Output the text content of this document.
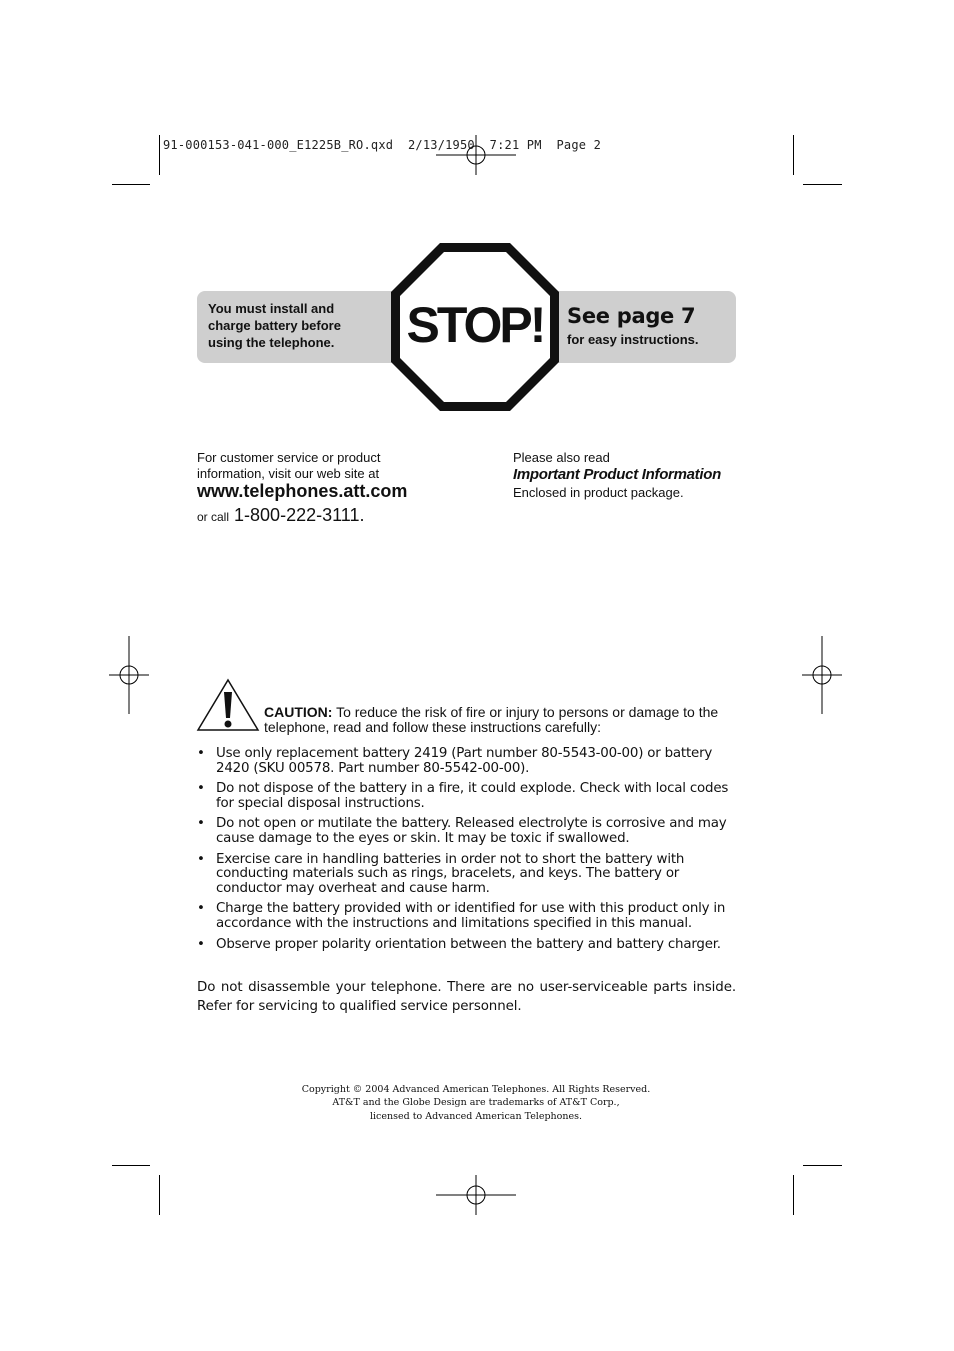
91-000153-041-000_E1225B_RO.qxd  2/13/1950  7:21 PM  Page 2
You must install and
charge battery before
using the telephone.	STOP!	See page 7
for easy instructions.
For customer service or product
information, visit our web site at
www.telephones.att.com
or call 1-800-222-3111.
Please also read
Important Product Information
Enclosed in product package.
CAUTION: To reduce the risk of fire or injury to persons or damage to the telephone, read and follow these instructions carefully:
• Use only replacement battery 2419 (Part number 80-5543-00-00) or battery 2420 (SKU 00578. Part number 80-5542-00-00).
• Do not dispose of the battery in a fire, it could explode. Check with local codes for special disposal instructions.
• Do not open or mutilate the battery. Released electrolyte is corrosive and may cause damage to the eyes or skin. It may be toxic if swallowed.
• Exercise care in handling batteries in order not to short the battery with conducting materials such as rings, bracelets, and keys. The battery or conductor may overheat and cause harm.
• Charge the battery provided with or identified for use with this product only in accordance with the instructions and limitations specified in this manual.
• Observe proper polarity orientation between the battery and battery charger.
Do not disassemble your telephone. There are no user-serviceable parts inside. Refer for servicing to qualified service personnel.
Copyright © 2004 Advanced American Telephones. All Rights Reserved.
AT&T and the Globe Design are trademarks of AT&T Corp.,
licensed to Advanced American Telephones.
